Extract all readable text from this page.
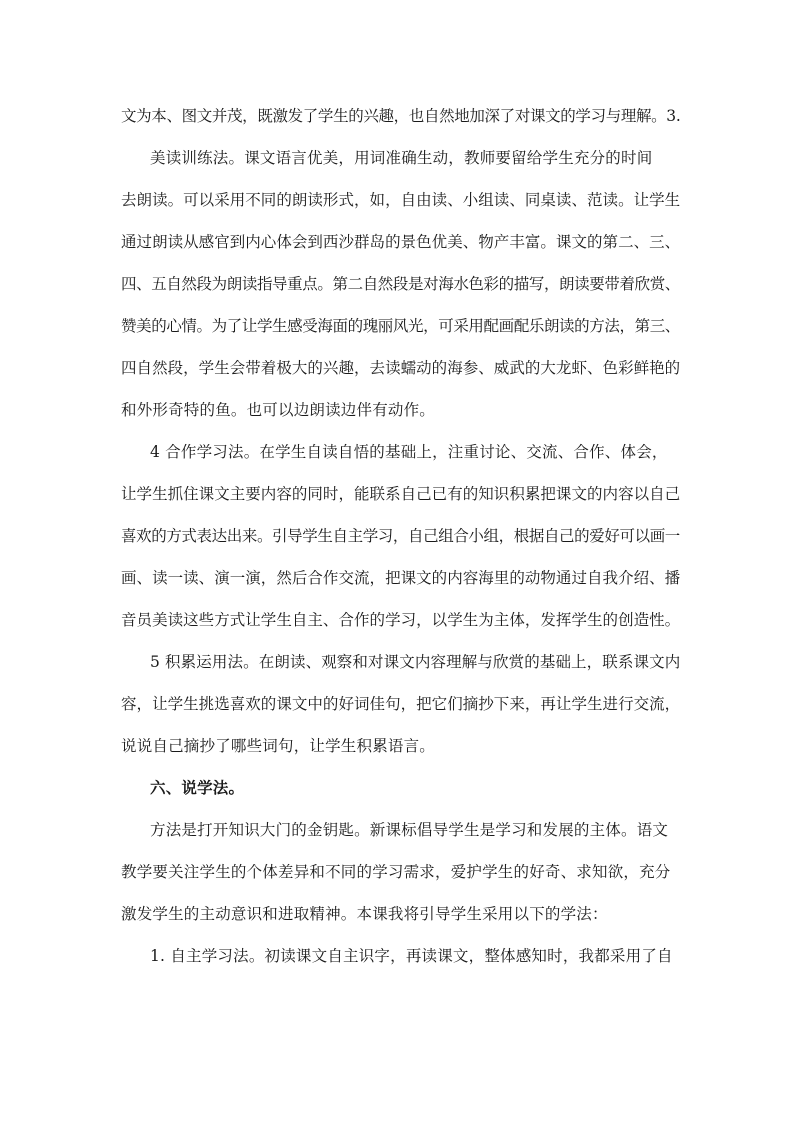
文为本、图文并茂，既激发了学生的兴趣，也自然地加深了对课文的学习与理解。3.
美读训练法。课文语言优美，用词准确生动，教师要留给学生充分的时间
去朗读。可以采用不同的朗读形式，如，自由读、小组读、同桌读、范读。让学生
通过朗读从感官到内心体会到西沙群岛的景色优美、物产丰富。课文的第二、三、
四、五自然段为朗读指导重点。第二自然段是对海水色彩的描写，朗读要带着欣赏、
赞美的心情。为了让学生感受海面的瑰丽风光，可采用配画配乐朗读的方法，第三、
四自然段，学生会带着极大的兴趣，去读蠕动的海参、威武的大龙虾、色彩鲜艳的
和外形奇特的鱼。也可以边朗读边伴有动作。
4 合作学习法。在学生自读自悟的基础上，注重讨论、交流、合作、体会，
让学生抓住课文主要内容的同时，能联系自己已有的知识积累把课文的内容以自己
喜欢的方式表达出来。引导学生自主学习，自己组合小组，根据自己的爱好可以画一
画、读一读、演一演，然后合作交流，把课文的内容海里的动物通过自我介绍、播
音员美读这些方式让学生自主、合作的学习，以学生为主体，发挥学生的创造性。
5 积累运用法。在朗读、观察和对课文内容理解与欣赏的基础上，联系课文内
容，让学生挑选喜欢的课文中的好词佳句，把它们摘抄下来，再让学生进行交流，
说说自己摘抄了哪些词句，让学生积累语言。
六、说学法。
方法是打开知识大门的金钥匙。新课标倡导学生是学习和发展的主体。语文
教学要关注学生的个体差异和不同的学习需求，爱护学生的好奇、求知欲，充分
激发学生的主动意识和进取精神。本课我将引导学生采用以下的学法：
1. 自主学习法。初读课文自主识字，再读课文，整体感知时，我都采用了自
